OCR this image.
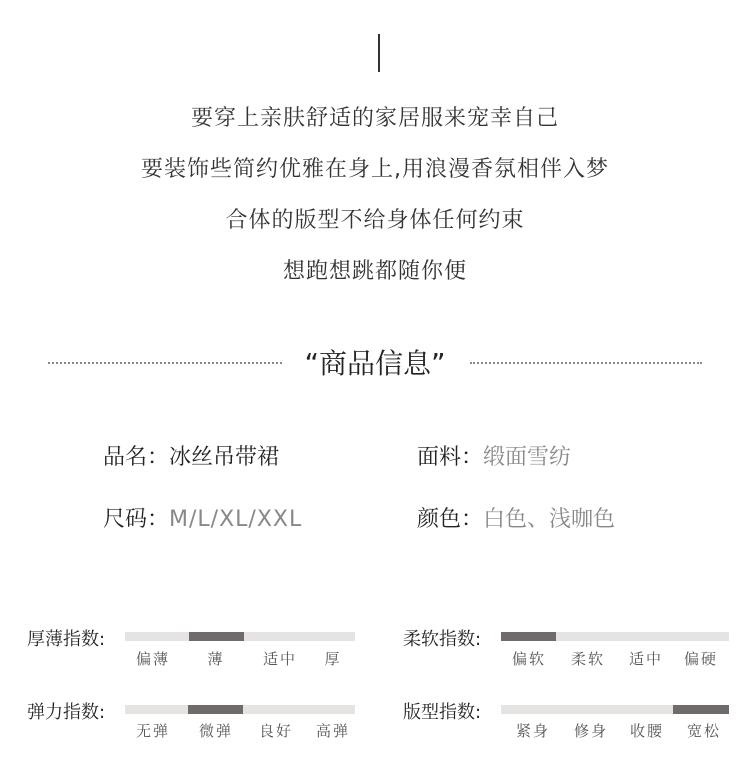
要穿上亲肤舒适的家居服来宠幸自己
要装饰些简约优雅在身上,用浪漫香氛相伴入梦
合体的版型不给身体任何约束
想跑想跳都随你便
“商品信息”
品名：冰丝吊带裙	面料：缎面雪纺
尺码：M/L/XL/XXL	颜色：白色、浅咖色
厚薄指数:
偏薄	薄	适中	厚
柔软指数:
偏软 柔软 适中 偏硬
弹力指数:
无弹 微弹 良好 高弹
版型指数:
紧身 修身 收腰 宽松
